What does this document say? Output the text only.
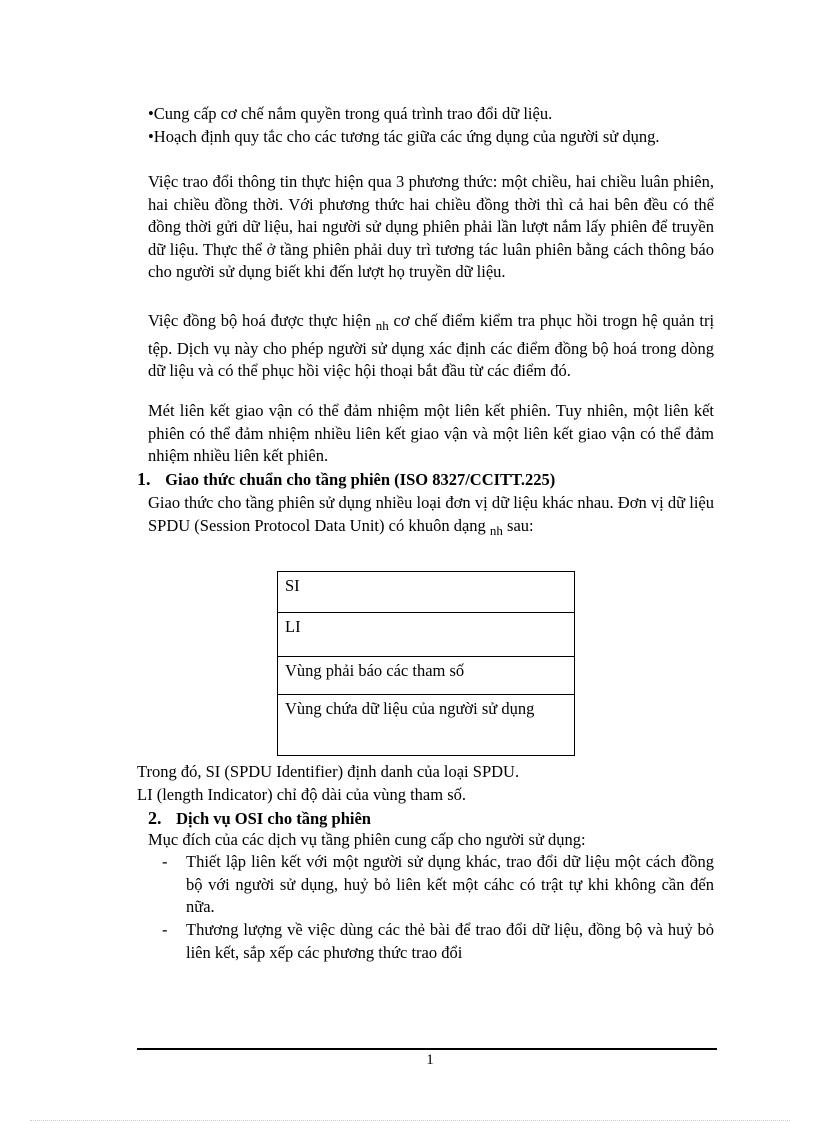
•Cung cấp cơ chế nắm quyền trong quá trình trao đổi dữ liệu.

•Hoạch định quy tắc cho các tương tác giữa các ứng dụng của người sử dụng.

Việc trao đổi thông tin thực hiện qua 3 phương thức: một chiều, hai chiều luân phiên, hai chiều đồng thời. Với phương thức hai chiều đồng thời thì cả hai bên đều có thể đồng thời gửi dữ liệu, hai người sử dụng phiên phải lần lượt nắm lấy phiên để truyền dữ liệu. Thực thể ở tầng phiên phải duy trì tương tác luân phiên bằng cách thông báo cho người sử dụng biết khi đến lượt họ truyền dữ liệu.

Việc đồng bộ hoá được thực hiện $_{nh}$ cơ chế điểm kiểm tra phục hồi trogn hệ quản trị tệp. Dịch vụ này cho phép người sử dụng xác định các điểm đồng bộ hoá trong dòng dữ liệu và có thể phục hồi việc hội thoại bắt đầu từ các điểm đó.

Mét liên kết giao vận có thể đảm nhiệm một liên kết phiên. Tuy nhiên, một liên kết phiên có thể đảm nhiệm nhiều liên kết giao vận và một liên kết giao vận có thể đảm nhiệm nhiều liên kết phiên.

1. Giao thức chuẩn cho tầng phiên (ISO 8327/CCITT.225)

Giao thức cho tầng phiên sử dụng nhiều loại đơn vị dữ liệu khác nhau. Đơn vị dữ liệu SPDU (Session Protocol Data Unit) có khuôn dạng $_{nh}$ sau:

SI
LI
Vùng phải báo các tham số
Vùng chứa dữ liệu của người sử dụng

Trong đó, SI (SPDU Identifier) định danh của loại SPDU.

LI (length Indicator) chỉ độ dài của vùng tham số.

2. Dịch vụ OSI cho tầng phiên

Mục đích của các dịch vụ tầng phiên cung cấp cho người sử dụng:

- Thiết lập liên kết với một người sử dụng khác, trao đổi dữ liệu một cách đồng bộ với người sử dụng, huỷ bỏ liên kết một cáhc có trật tự khi không cần đến nữa.
- Thương lượng về việc dùng các thẻ bài để trao đổi dữ liệu, đồng bộ và huỷ bỏ liên kết, sắp xếp các phương thức trao đổi
1
